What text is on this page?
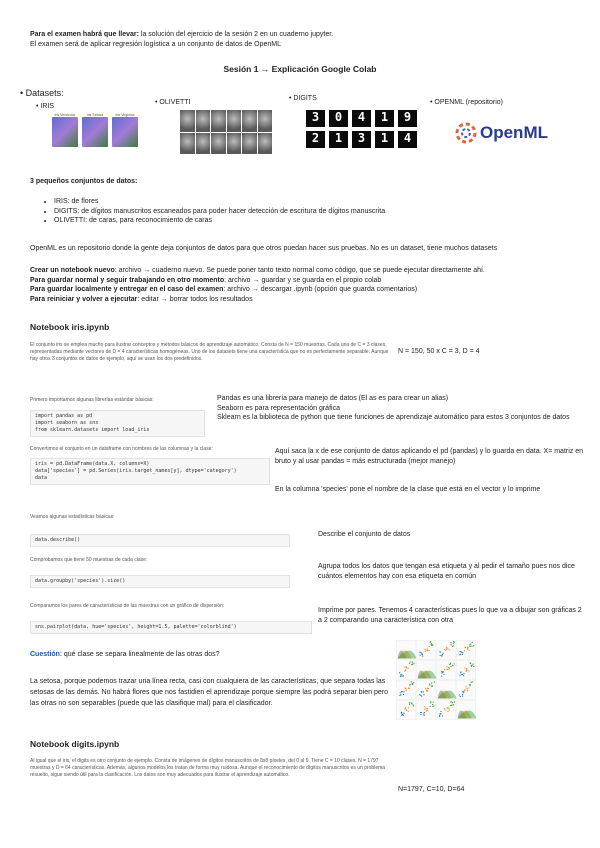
Para el examen habrá que llevar: la solución del ejercicio de la sesión 2 en un cuaderno jupyter.
El examen será de aplicar regresión logística a un conjunto de datos de OpenML
Sesión 1 → Explicación Google Colab
• Datasets:
• IRIS
Iris Versicolor	Iris Setosa	Iris Virginica
• OLIVETTI
• DIGITS
3	0	4	1	9
2	1	3	1	4
• OPENML (repositorio)
OpenML
3 pequeños conjuntos de datos:
• IRIS: de flores
• DIGITS: de dígitos manuscritos escaneados para poder hacer detección de escritura de dígitos manuscrita
• OLIVETTI: de caras, para reconocimiento de caras
OpenML es un repositorio donde la gente deja conjuntos de datos para que otros puedan hacer sus pruebas. No es un dataset, tiene muchos datasets
Crear un notebook nuevo: archivo → cuaderno nuevo. Se puede poner tanto texto normal como código, que se puede ejecutar directamente ahí.
Para guardar normal y seguir trabajando en otro momento: archivo → guardar y se guarda en el propio colab
Para guardar localmente y entregar en el caso del examen: archivo → descargar .ipynb (opción que guarda comentarios)
Para reiniciar y volver a ejecutar: editar → borrar todos los resultados
Notebook iris.ipynb
El conjunto iris se emplea mucho para ilustrar conceptos y métodos básicos de aprendizaje automático. Consta de N = 150 muestras. Cada una de C = 3 clases, representadas mediante vectores de D = 4 características homogéneas. Uno de los datasets tiene una característica que no es perfectamente separable. Aunque hay otros 3 conjuntos de datos de ejemplo, aquí se usan los dos predefinidos.
N = 150, 50 x C = 3, D = 4
Primero importamos algunas librerías estándar básicas:
import pandas as pd
import seaborn as sns
from sklearn.datasets import load_iris
Pandas es una librería para manejo de datos (El as es para crear un alias)
Seaborn es para representación gráfica
Sklearn es la biblioteca de python que tiene funciones de aprendizaje automático para estos 3 conjuntos de datos
Convertimos el conjunto en un dataframe con nombres de las columnas y la clase:
iris = pd.DataFrame(data.X, columns=X)
data['species'] = pd.Series(iris.target_names[y], dtype='category')
data
Aquí saca la x de ese conjunto de datos aplicando el pd (pandas) y lo guarda en data. X= matriz en bruto y al usar pandas = más estructurada (mejor manejo)
En la columna 'species' pone el nombre de la clase que está en el vector y lo imprime
Veamos algunas estadísticas básicas:
data.describe()
Describe el conjunto de datos
Comprobamos que tiene 50 muestras de cada clase:
data.groupby('species').size()
Agrupa todos los datos que tengan esa etiqueta y al pedir el tamaño pues nos dice cuántos elementos hay con esa etiqueta en común
Comparamos los pares de características de las muestras con un gráfico de dispersión:
sns.pairplot(data, hue='species', height=1.5, palette='colorblind')
Imprime por pares. Tenemos 4 características pues lo que va a dibujar son gráficas 2 a 2 comparando una característica con otra
Cuestión: qué clase se separa linealmente de las otras dos?
La setosa, porque podemos trazar una línea recta, casi con cualquiera de las características, que separa todas las setosas de las demás. No habrá flores que nos fastidien el aprendizaje porque siempre las podrá separar bien pero las otras no son separables (puede que las clasifique mal) para el clasificador.
Notebook digits.ipynb
Al igual que el iris, el digits es otro conjunto de ejemplo. Consta de imágenes de dígitos manuscritos de 8x8 píxeles, del 0 al 9. Tiene C = 10 clases, N = 1797 muestras y D = 64 características. Además, algunos modelos los tratan de forma muy ruidosa. Aunque el reconocimiento de dígitos manuscritos es un problema resuelto, sigue siendo útil para la clasificación. Los datos son muy adecuados para ilustrar el aprendizaje automático.
N=1797, C=10, D=64
